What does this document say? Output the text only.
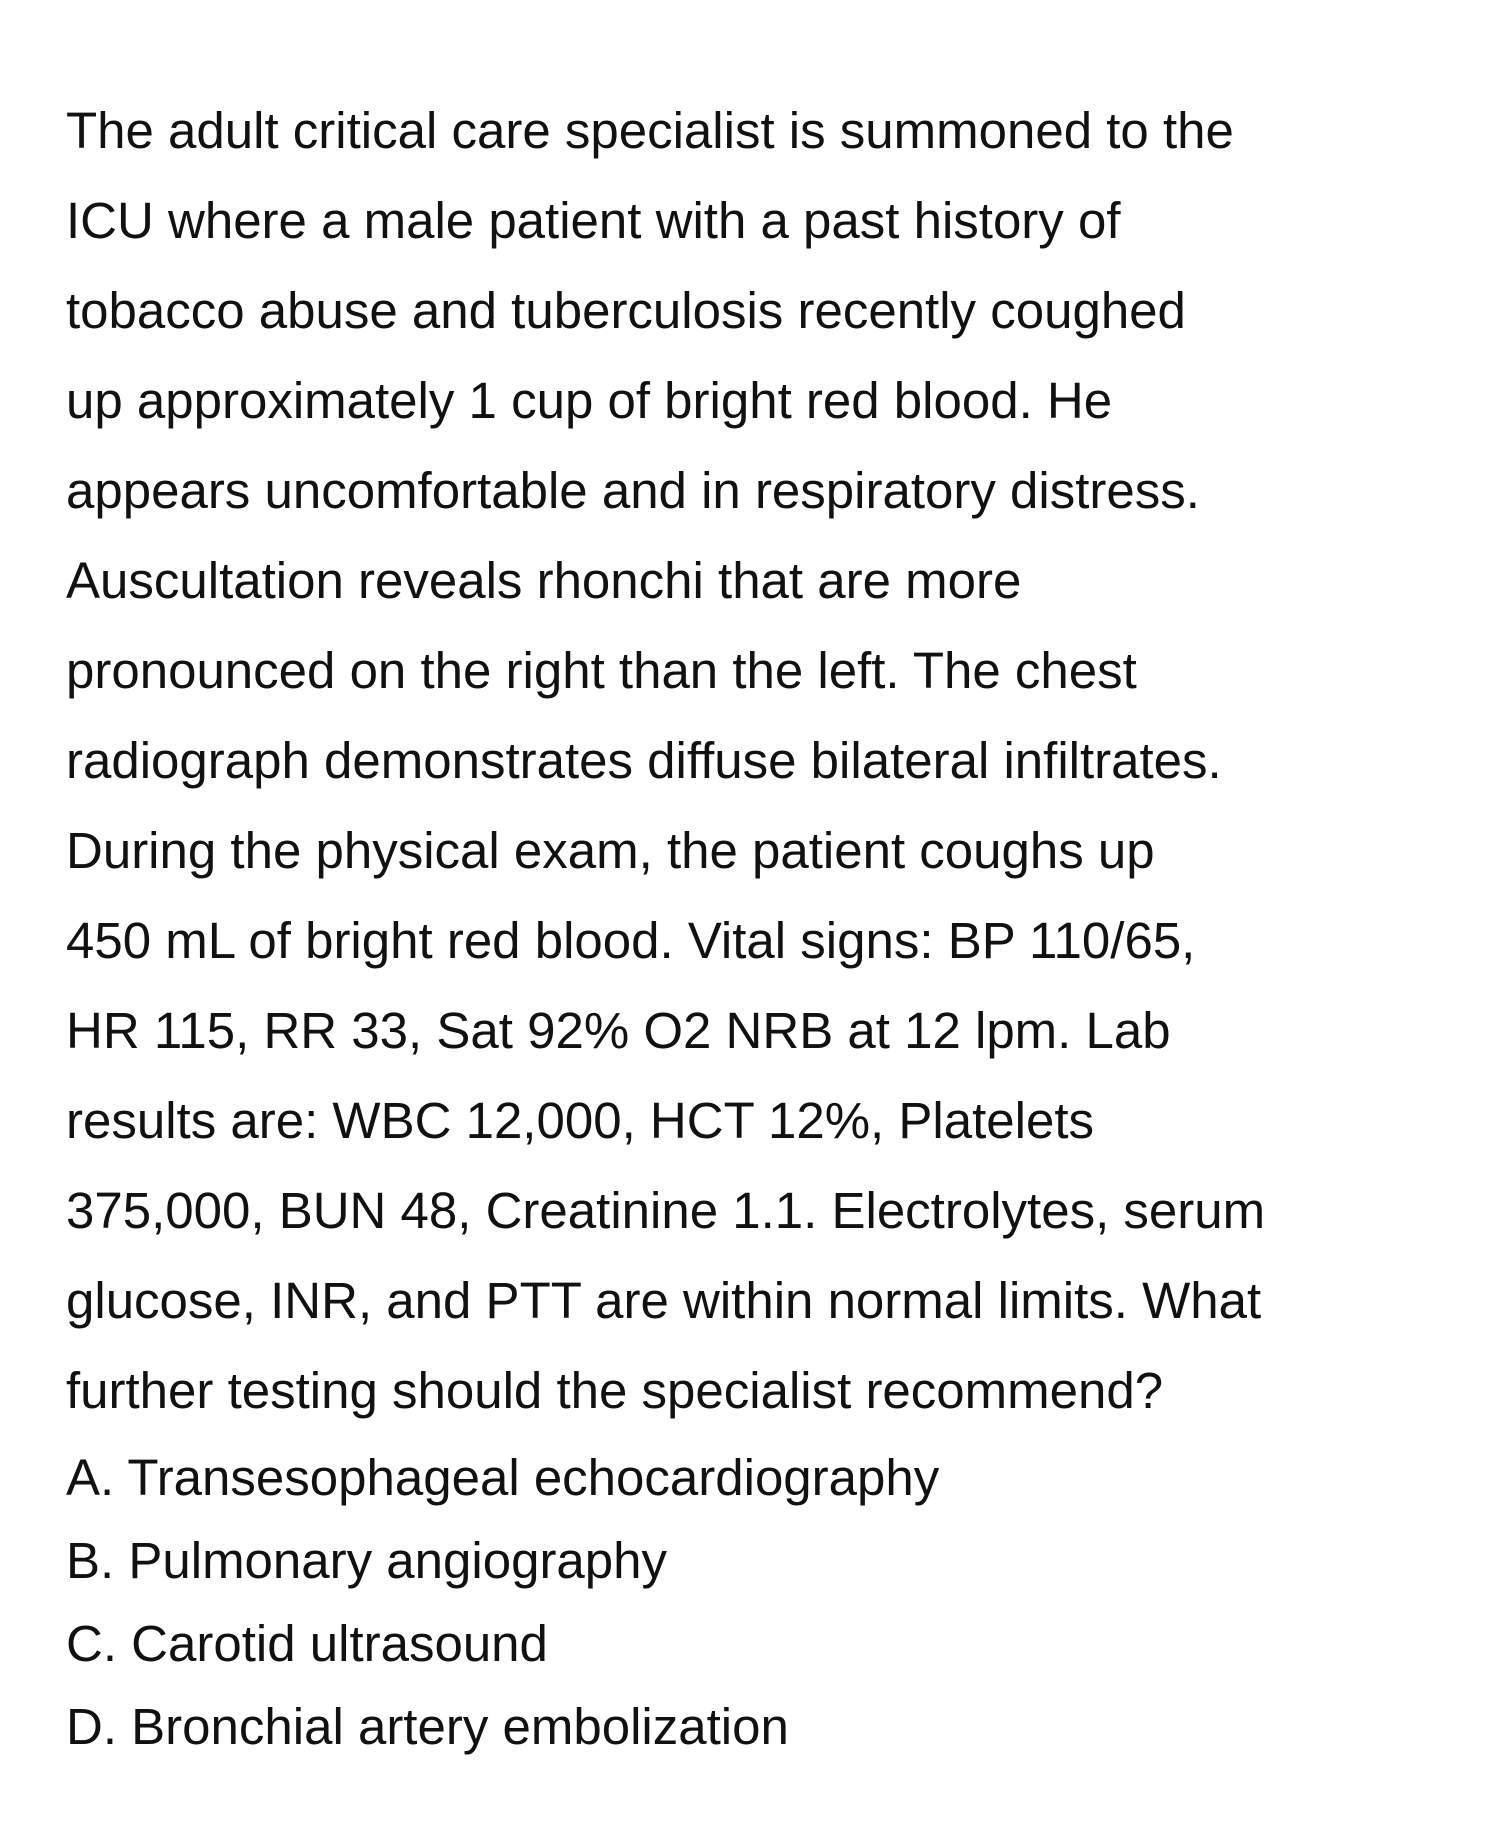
The adult critical care specialist is summoned to the
ICU where a male patient with a past history of
tobacco abuse and tuberculosis recently coughed
up approximately 1 cup of bright red blood. He
appears uncomfortable and in respiratory distress.
Auscultation reveals rhonchi that are more
pronounced on the right than the left. The chest
radiograph demonstrates diffuse bilateral infiltrates.
During the physical exam, the patient coughs up
450 mL of bright red blood. Vital signs: BP 110/65,
HR 115, RR 33, Sat 92% O2 NRB at 12 lpm. Lab
results are: WBC 12,000, HCT 12%, Platelets
375,000, BUN 48, Creatinine 1.1. Electrolytes, serum
glucose, INR, and PTT are within normal limits. What
further testing should the specialist recommend?

A. Transesophageal echocardiography
B. Pulmonary angiography
C. Carotid ultrasound
D. Bronchial artery embolization
